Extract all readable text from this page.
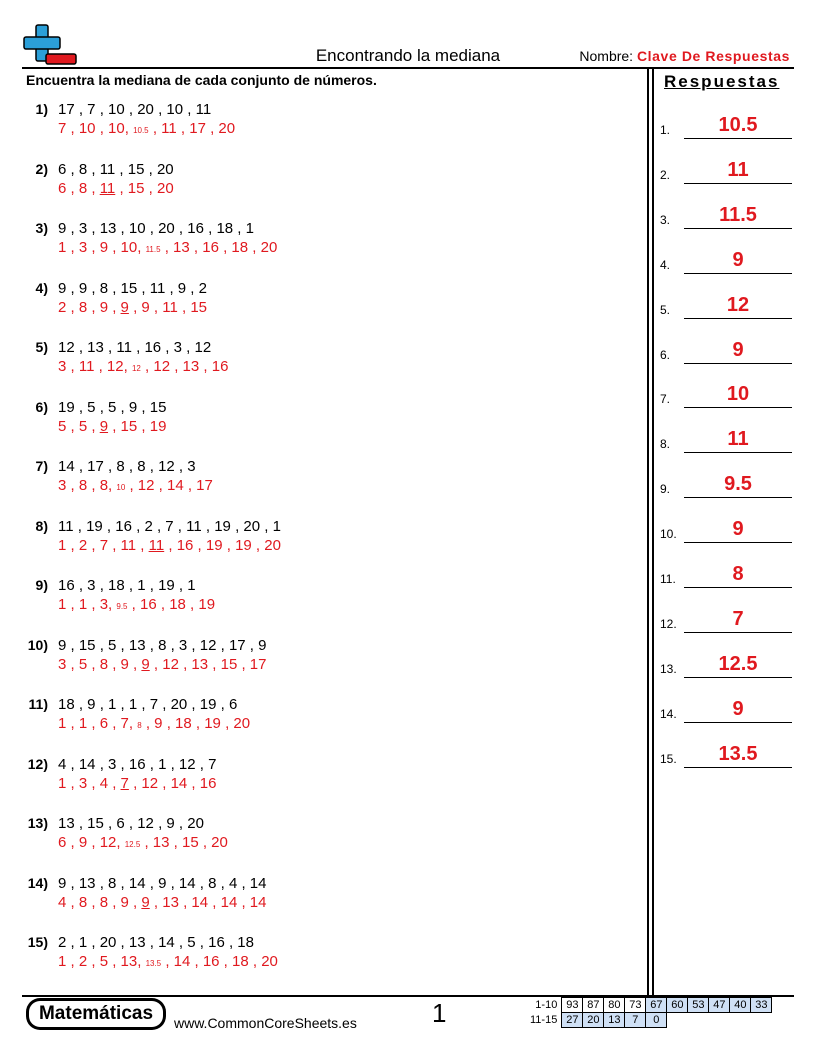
Encontrando la mediana	Nombre: Clave De Respuestas
Encuentra la mediana de cada conjunto de números.	Respuestas
1) 17 , 7 , 10 , 20 , 10 , 11
7 , 10 , 10, 10.5 , 11 , 17 , 20
2) 6 , 8 , 11 , 15 , 20
6 , 8 , 11 , 15 , 20
3) 9 , 3 , 13 , 10 , 20 , 16 , 18 , 1
1 , 3 , 9 , 10, 11.5 , 13 , 16 , 18 , 20
4) 9 , 9 , 8 , 15 , 11 , 9 , 2
2 , 8 , 9 , 9 , 9 , 11 , 15
5) 12 , 13 , 11 , 16 , 3 , 12
3 , 11 , 12, 12 , 12 , 13 , 16
6) 19 , 5 , 5 , 9 , 15
5 , 5 , 9 , 15 , 19
7) 14 , 17 , 8 , 8 , 12 , 3
3 , 8 , 8, 10 , 12 , 14 , 17
8) 11 , 19 , 16 , 2 , 7 , 11 , 19 , 20 , 1
1 , 2 , 7 , 11 , 11 , 16 , 19 , 19 , 20
9) 16 , 3 , 18 , 1 , 19 , 1
1 , 1 , 3, 9.5 , 16 , 18 , 19
10) 9 , 15 , 5 , 13 , 8 , 3 , 12 , 17 , 9
3 , 5 , 8 , 9 , 9 , 12 , 13 , 15 , 17
11) 18 , 9 , 1 , 1 , 7 , 20 , 19 , 6
1 , 1 , 6 , 7, 8 , 9 , 18 , 19 , 20
12) 4 , 14 , 3 , 16 , 1 , 12 , 7
1 , 3 , 4 , 7 , 12 , 14 , 16
13) 13 , 15 , 6 , 12 , 9 , 20
6 , 9 , 12, 12.5 , 13 , 15 , 20
14) 9 , 13 , 8 , 14 , 9 , 14 , 8 , 4 , 14
4 , 8 , 8 , 9 , 9 , 13 , 14 , 14 , 14
15) 2 , 1 , 20 , 13 , 14 , 5 , 16 , 18
1 , 2 , 5 , 13, 13.5 , 14 , 16 , 18 , 20
1.	10.5
2.	11
3.	11.5
4.	9
5.	12
6.	9
7.	10
8.	11
9.	9.5
10.	9
11.	8
12.	7
13.	12.5
14.	9
15.	13.5
Matemáticas	www.CommonCoreSheets.es	1	1-10	93	87	80	73	67	60	53	47	40	33
11-15	27	20	13	7	0					
